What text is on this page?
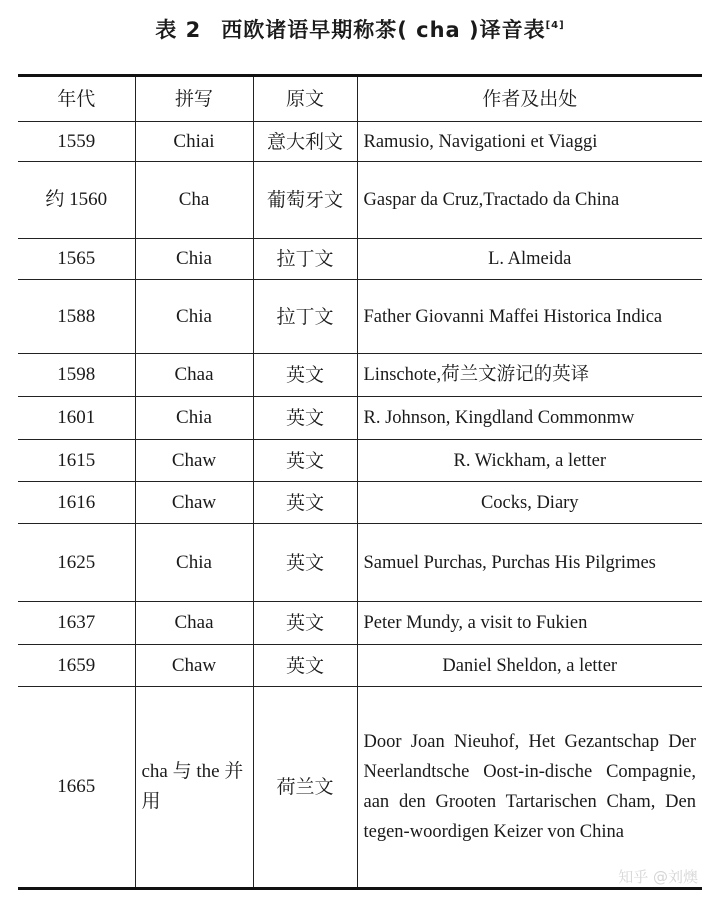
表 2 西欧诸语早期称茶( cha )译音表[4]
年代	拼写	原文	作者及出处
1559	Chiai	意大利文	Ramusio, Navigationi et Viaggi
约 1560	Cha	葡萄牙文	Gaspar da Cruz,Tractado da China
1565	Chia	拉丁文	L. Almeida
1588	Chia	拉丁文	Father Giovanni Maffei Historica Indica
1598	Chaa	英文	Linschote,荷兰文游记的英译
1601	Chia	英文	R. Johnson, Kingdland Commonmw
1615	Chaw	英文	R. Wickham, a letter
1616	Chaw	英文	Cocks, Diary
1625	Chia	英文	Samuel Purchas, Purchas His Pilgrimes
1637	Chaa	英文	Peter Mundy, a visit to Fukien
1659	Chaw	英文	Daniel Sheldon, a letter
1665	cha 与 the 并用	荷兰文	Door Joan Nieuhof, Het Gezantschap Der Neerlandtsche Oost-in-dische Compagnie, aan den Grooten Tartarischen Cham, Den tegen-woordigen Keizer von China
知乎 @刘燠
